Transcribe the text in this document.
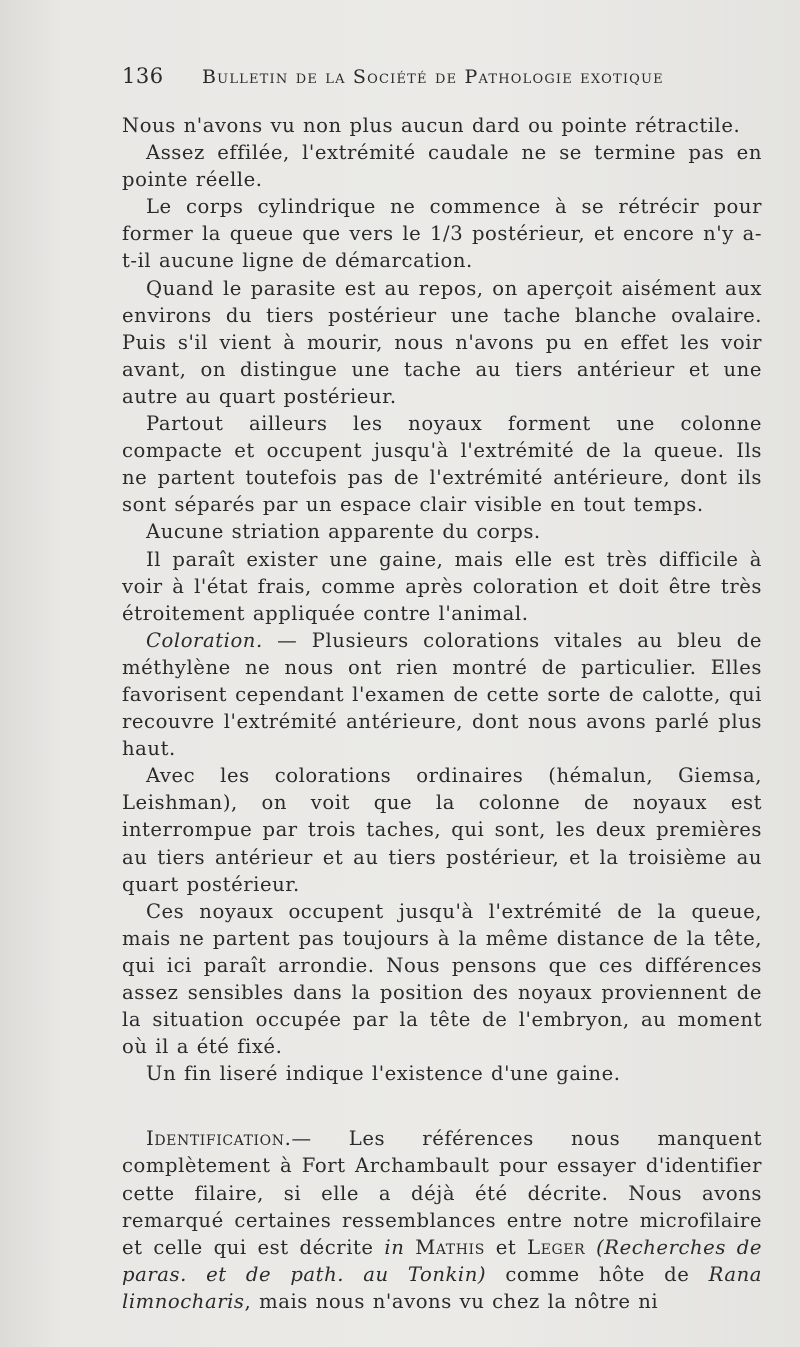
136 Bulletin de la Société de Pathologie exotique

Nous n'avons vu non plus aucun dard ou pointe rétractile.

Assez effilée, l'extrémité caudale ne se termine pas en pointe réelle.

Le corps cylindrique ne commence à se rétrécir pour former la queue que vers le 1/3 postérieur, et encore n'y a-t-il aucune ligne de démarcation.

Quand le parasite est au repos, on aperçoit aisément aux environs du tiers postérieur une tache blanche ovalaire. Puis s'il vient à mourir, nous n'avons pu en effet les voir avant, on distingue une tache au tiers antérieur et une autre au quart postérieur.

Partout ailleurs les noyaux forment une colonne compacte et occupent jusqu'à l'extrémité de la queue. Ils ne partent toutefois pas de l'extrémité antérieure, dont ils sont séparés par un espace clair visible en tout temps.

Aucune striation apparente du corps.

Il paraît exister une gaine, mais elle est très difficile à voir à l'état frais, comme après coloration et doit être très étroitement appliquée contre l'animal.

Coloration. — Plusieurs colorations vitales au bleu de méthylène ne nous ont rien montré de particulier. Elles favorisent cependant l'examen de cette sorte de calotte, qui recouvre l'extrémité antérieure, dont nous avons parlé plus haut.

Avec les colorations ordinaires (hémalun, Giemsa, Leishman), on voit que la colonne de noyaux est interrompue par trois taches, qui sont, les deux premières au tiers antérieur et au tiers postérieur, et la troisième au quart postérieur.

Ces noyaux occupent jusqu'à l'extrémité de la queue, mais ne partent pas toujours à la même distance de la tête, qui ici paraît arrondie. Nous pensons que ces différences assez sensibles dans la position des noyaux proviennent de la situation occupée par la tête de l'embryon, au moment où il a été fixé.

Un fin liseré indique l'existence d'une gaine.

Identification.— Les références nous manquent complètement à Fort Archambault pour essayer d'identifier cette filaire, si elle a déjà été décrite. Nous avons remarqué certaines ressemblances entre notre microfilaire et celle qui est décrite in Mathis et Leger (Recherches de paras. et de path. au Tonkin) comme hôte de Rana limnocharis, mais nous n'avons vu chez la nôtre ni
